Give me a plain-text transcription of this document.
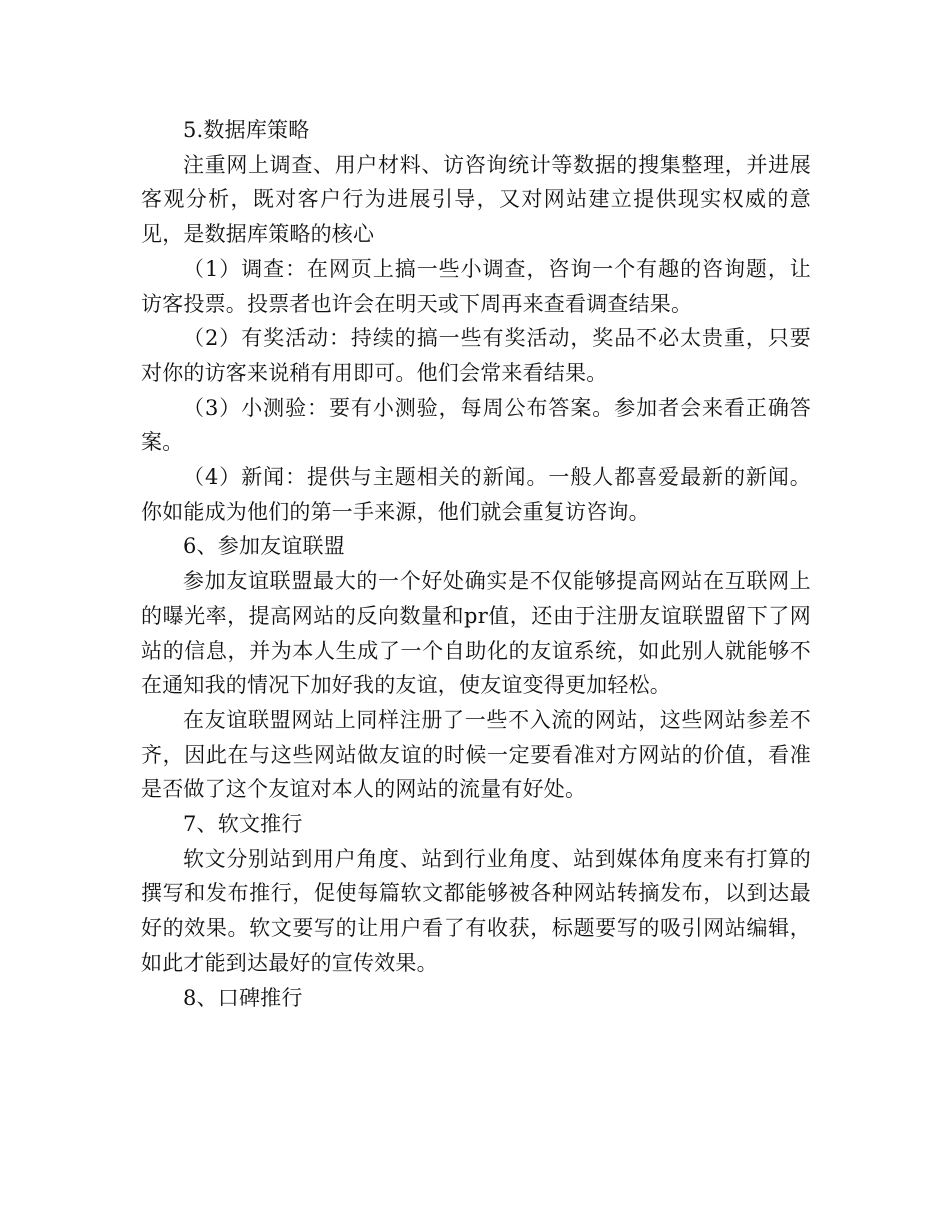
5.数据库策略

注重网上调查、用户材料、访咨询统计等数据的搜集整理，并进展客观分析，既对客户行为进展引导，又对网站建立提供现实权威的意见，是数据库策略的核心

（1）调查：在网页上搞一些小调查，咨询一个有趣的咨询题，让访客投票。投票者也许会在明天或下周再来查看调查结果。

（2）有奖活动：持续的搞一些有奖活动，奖品不必太贵重，只要对你的访客来说稍有用即可。他们会常来看结果。

（3）小测验：要有小测验，每周公布答案。参加者会来看正确答案。

（4）新闻：提供与主题相关的新闻。一般人都喜爱最新的新闻。你如能成为他们的第一手来源，他们就会重复访咨询。

6、参加友谊联盟

参加友谊联盟最大的一个好处确实是不仅能够提高网站在互联网上的曝光率，提高网站的反向数量和pr值，还由于注册友谊联盟留下了网站的信息，并为本人生成了一个自助化的友谊系统，如此别人就能够不在通知我的情况下加好我的友谊，使友谊变得更加轻松。

在友谊联盟网站上同样注册了一些不入流的网站，这些网站参差不齐，因此在与这些网站做友谊的时候一定要看准对方网站的价值，看准是否做了这个友谊对本人的网站的流量有好处。

7、软文推行

软文分别站到用户角度、站到行业角度、站到媒体角度来有打算的撰写和发布推行，促使每篇软文都能够被各种网站转摘发布，以到达最好的效果。软文要写的让用户看了有收获，标题要写的吸引网站编辑，如此才能到达最好的宣传效果。

8、口碑推行
